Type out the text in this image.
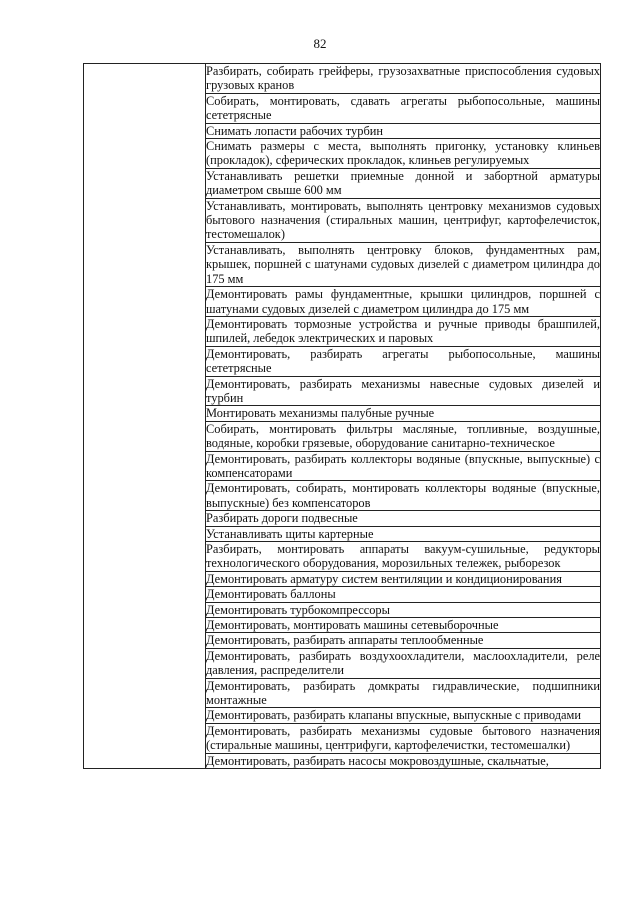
82
	Разбирать, собирать грейферы, грузозахватные приспособления судовых грузовых кранов
Собирать, монтировать, сдавать агрегаты рыбопосольные, машины сететрясные
Снимать лопасти рабочих турбин
Снимать размеры с места, выполнять пригонку, установку клиньев (прокладок), сферических прокладок, клиньев регулируемых
Устанавливать решетки приемные донной и забортной арматуры диаметром свыше 600 мм
Устанавливать, монтировать, выполнять центровку механизмов судовых бытового назначения (стиральных машин, центрифуг, картофелечисток, тестомешалок)
Устанавливать, выполнять центровку блоков, фундаментных рам, крышек, поршней с шатунами судовых дизелей с диаметром цилиндра до 175 мм
Демонтировать рамы фундаментные, крышки цилиндров, поршней с шатунами судовых дизелей с диаметром цилиндра до 175 мм
Демонтировать тормозные устройства и ручные приводы брашпилей, шпилей, лебедок электрических и паровых
Демонтировать, разбирать агрегаты рыбопосольные, машины сететрясные
Демонтировать, разбирать механизмы навесные судовых дизелей и турбин
Монтировать механизмы палубные ручные
Собирать, монтировать фильтры масляные, топливные, воздушные, водяные, коробки грязевые, оборудование санитарно-техническое
Демонтировать, разбирать коллекторы водяные (впускные, выпускные) с компенсаторами
Демонтировать, собирать, монтировать коллекторы водяные (впускные, выпускные) без компенсаторов
Разбирать дороги подвесные
Устанавливать щиты картерные
Разбирать, монтировать аппараты вакуум-сушильные, редукторы технологического оборудования, морозильных тележек, рыборезок
Демонтировать арматуру систем вентиляции и кондиционирования
Демонтировать баллоны
Демонтировать турбокомпрессоры
Демонтировать, монтировать машины сетевыборочные
Демонтировать, разбирать аппараты теплообменные
Демонтировать, разбирать воздухоохладители, маслоохладители, реле давления, распределители
Демонтировать, разбирать домкраты гидравлические, подшипники монтажные
Демонтировать, разбирать клапаны впускные, выпускные с приводами
Демонтировать, разбирать механизмы судовые бытового назначения (стиральные машины, центрифуги, картофелечистки, тестомешалки)
Демонтировать, разбирать насосы мокровоздушные, скальчатые,
